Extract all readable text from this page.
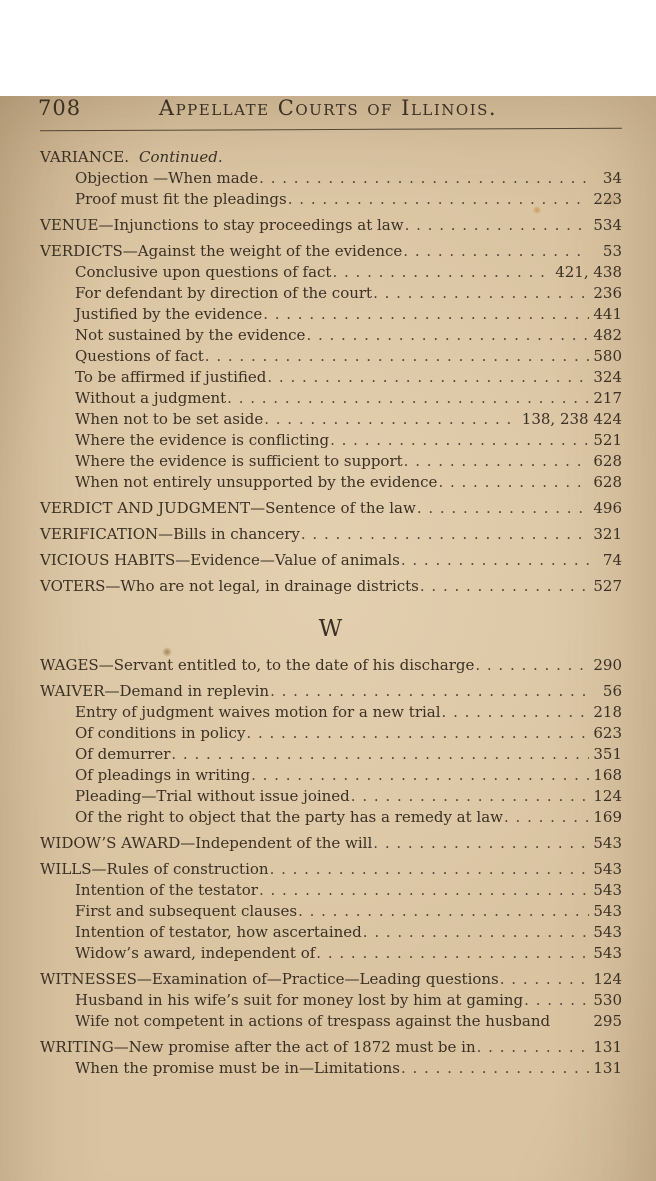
708	Appellate Courts of Illinois.
VARIANCE. Continued.
Objection —When made . . .	34
Proof must fit the pleadings . . .	223
VENUE—Injunctions to stay proceedings at law . . .	534
VERDICTS—Against the weight of the evidence . . .	53
Conclusive upon questions of fact . . .	421, 438
For defendant by direction of the court . . .	236
Justified by the evidence . . .	441
Not sustained by the evidence . . .	482
Questions of fact . . .	580
To be affirmed if justified . . .	324
Without a judgment . . .	217
When not to be set aside . . .	138, 238 424
Where the evidence is conflicting . . .	521
Where the evidence is sufficient to support . . .	628
When not entirely unsupported by the evidence . . .	628
VERDICT AND JUDGMENT—Sentence of the law . . .	496
VERIFICATION—Bills in chancery . . .	321
VICIOUS HABITS—Evidence—Value of animals . . .	74
VOTERS—Who are not legal, in drainage districts . . .	527
W
WAGES—Servant entitled to, to the date of his discharge . . .	290
WAIVER—Demand in replevin . . .	56
Entry of judgment waives motion for a new trial . . .	218
Of conditions in policy . . .	623
Of demurrer . . .	351
Of pleadings in writing . . .	168
Pleading—Trial without issue joined . . .	124
Of the right to object that the party has a remedy at law . . .	169
WIDOW’S AWARD—Independent of the will . . .	543
WILLS—Rules of construction . . .	543
Intention of the testator . . .	543
First and subsequent clauses . . .	543
Intention of testator, how ascertained . . .	543
Widow’s award, independent of . . .	543
WITNESSES—Examination of—Practice—Leading questions . . .	124
Husband in his wife’s suit for money lost by him at gaming . . .	530
Wife not competent in actions of trespass against the husband	295
WRITING—New promise after the act of 1872 must be in . . .	131
When the promise must be in—Limitations . . .	131
